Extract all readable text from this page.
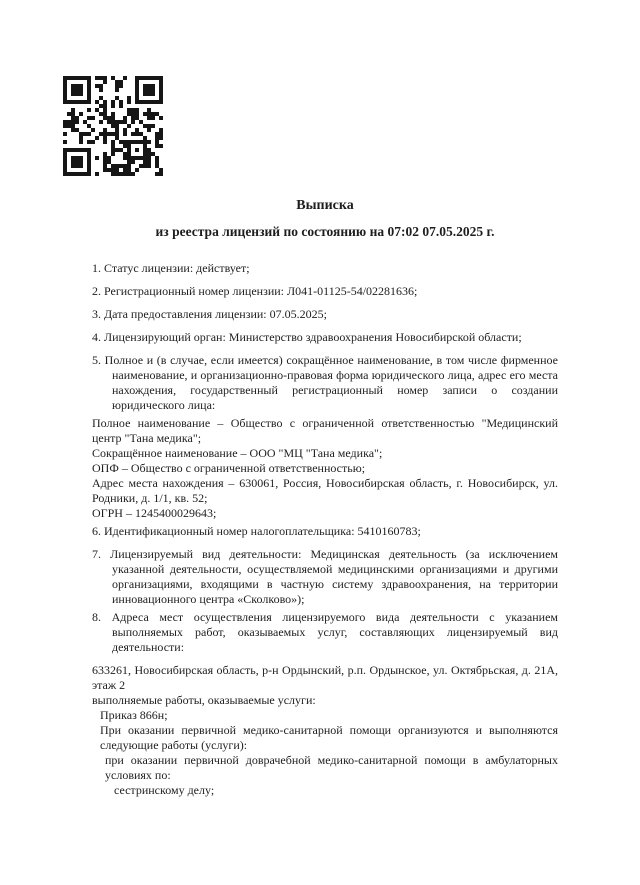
Выписка
из реестра лицензий по состоянию на 07:02 07.05.2025 г.

1. Статус лицензии: действует;

2. Регистрационный номер лицензии: Л041-01125-54/02281636;

3. Дата предоставления лицензии: 07.05.2025;

4. Лицензирующий орган: Министерство здравоохранения Новосибирской области;

5. Полное и (в случае, если имеется) сокращённое наименование, в том числе фирменное наименование, и организационно-правовая форма юридического лица, адрес его места нахождения, государственный регистрационный номер записи о создании юридического лица:

Полное наименование – Общество с ограниченной ответственностью "Медицинский центр "Тана медика";

Сокращённое наименование – ООО "МЦ "Тана медика";

ОПФ – Общество с ограниченной ответственностью;

Адрес места нахождения – 630061, Россия, Новосибирская область, г. Новосибирск, ул. Родники, д. 1/1, кв. 52;

ОГРН – 1245400029643;

6. Идентификационный номер налогоплательщика: 5410160783;

7. Лицензируемый вид деятельности: Медицинская деятельность (за исключением указанной деятельности, осуществляемой медицинскими организациями и другими организациями, входящими в частную систему здравоохранения, на территории инновационного центра «Сколково»);

8. Адреса мест осуществления лицензируемого вида деятельности с указанием выполняемых работ, оказываемых услуг, составляющих лицензируемый вид деятельности:

633261, Новосибирская область, р-н Ордынский, р.п. Ордынское, ул. Октябрьская, д. 21А, этаж 2

выполняемые работы, оказываемые услуги:

Приказ 866н;

При оказании первичной медико-санитарной помощи организуются и выполняются следующие работы (услуги):

при оказании первичной доврачебной медико-санитарной помощи в амбулаторных условиях по:

сестринскому делу;
